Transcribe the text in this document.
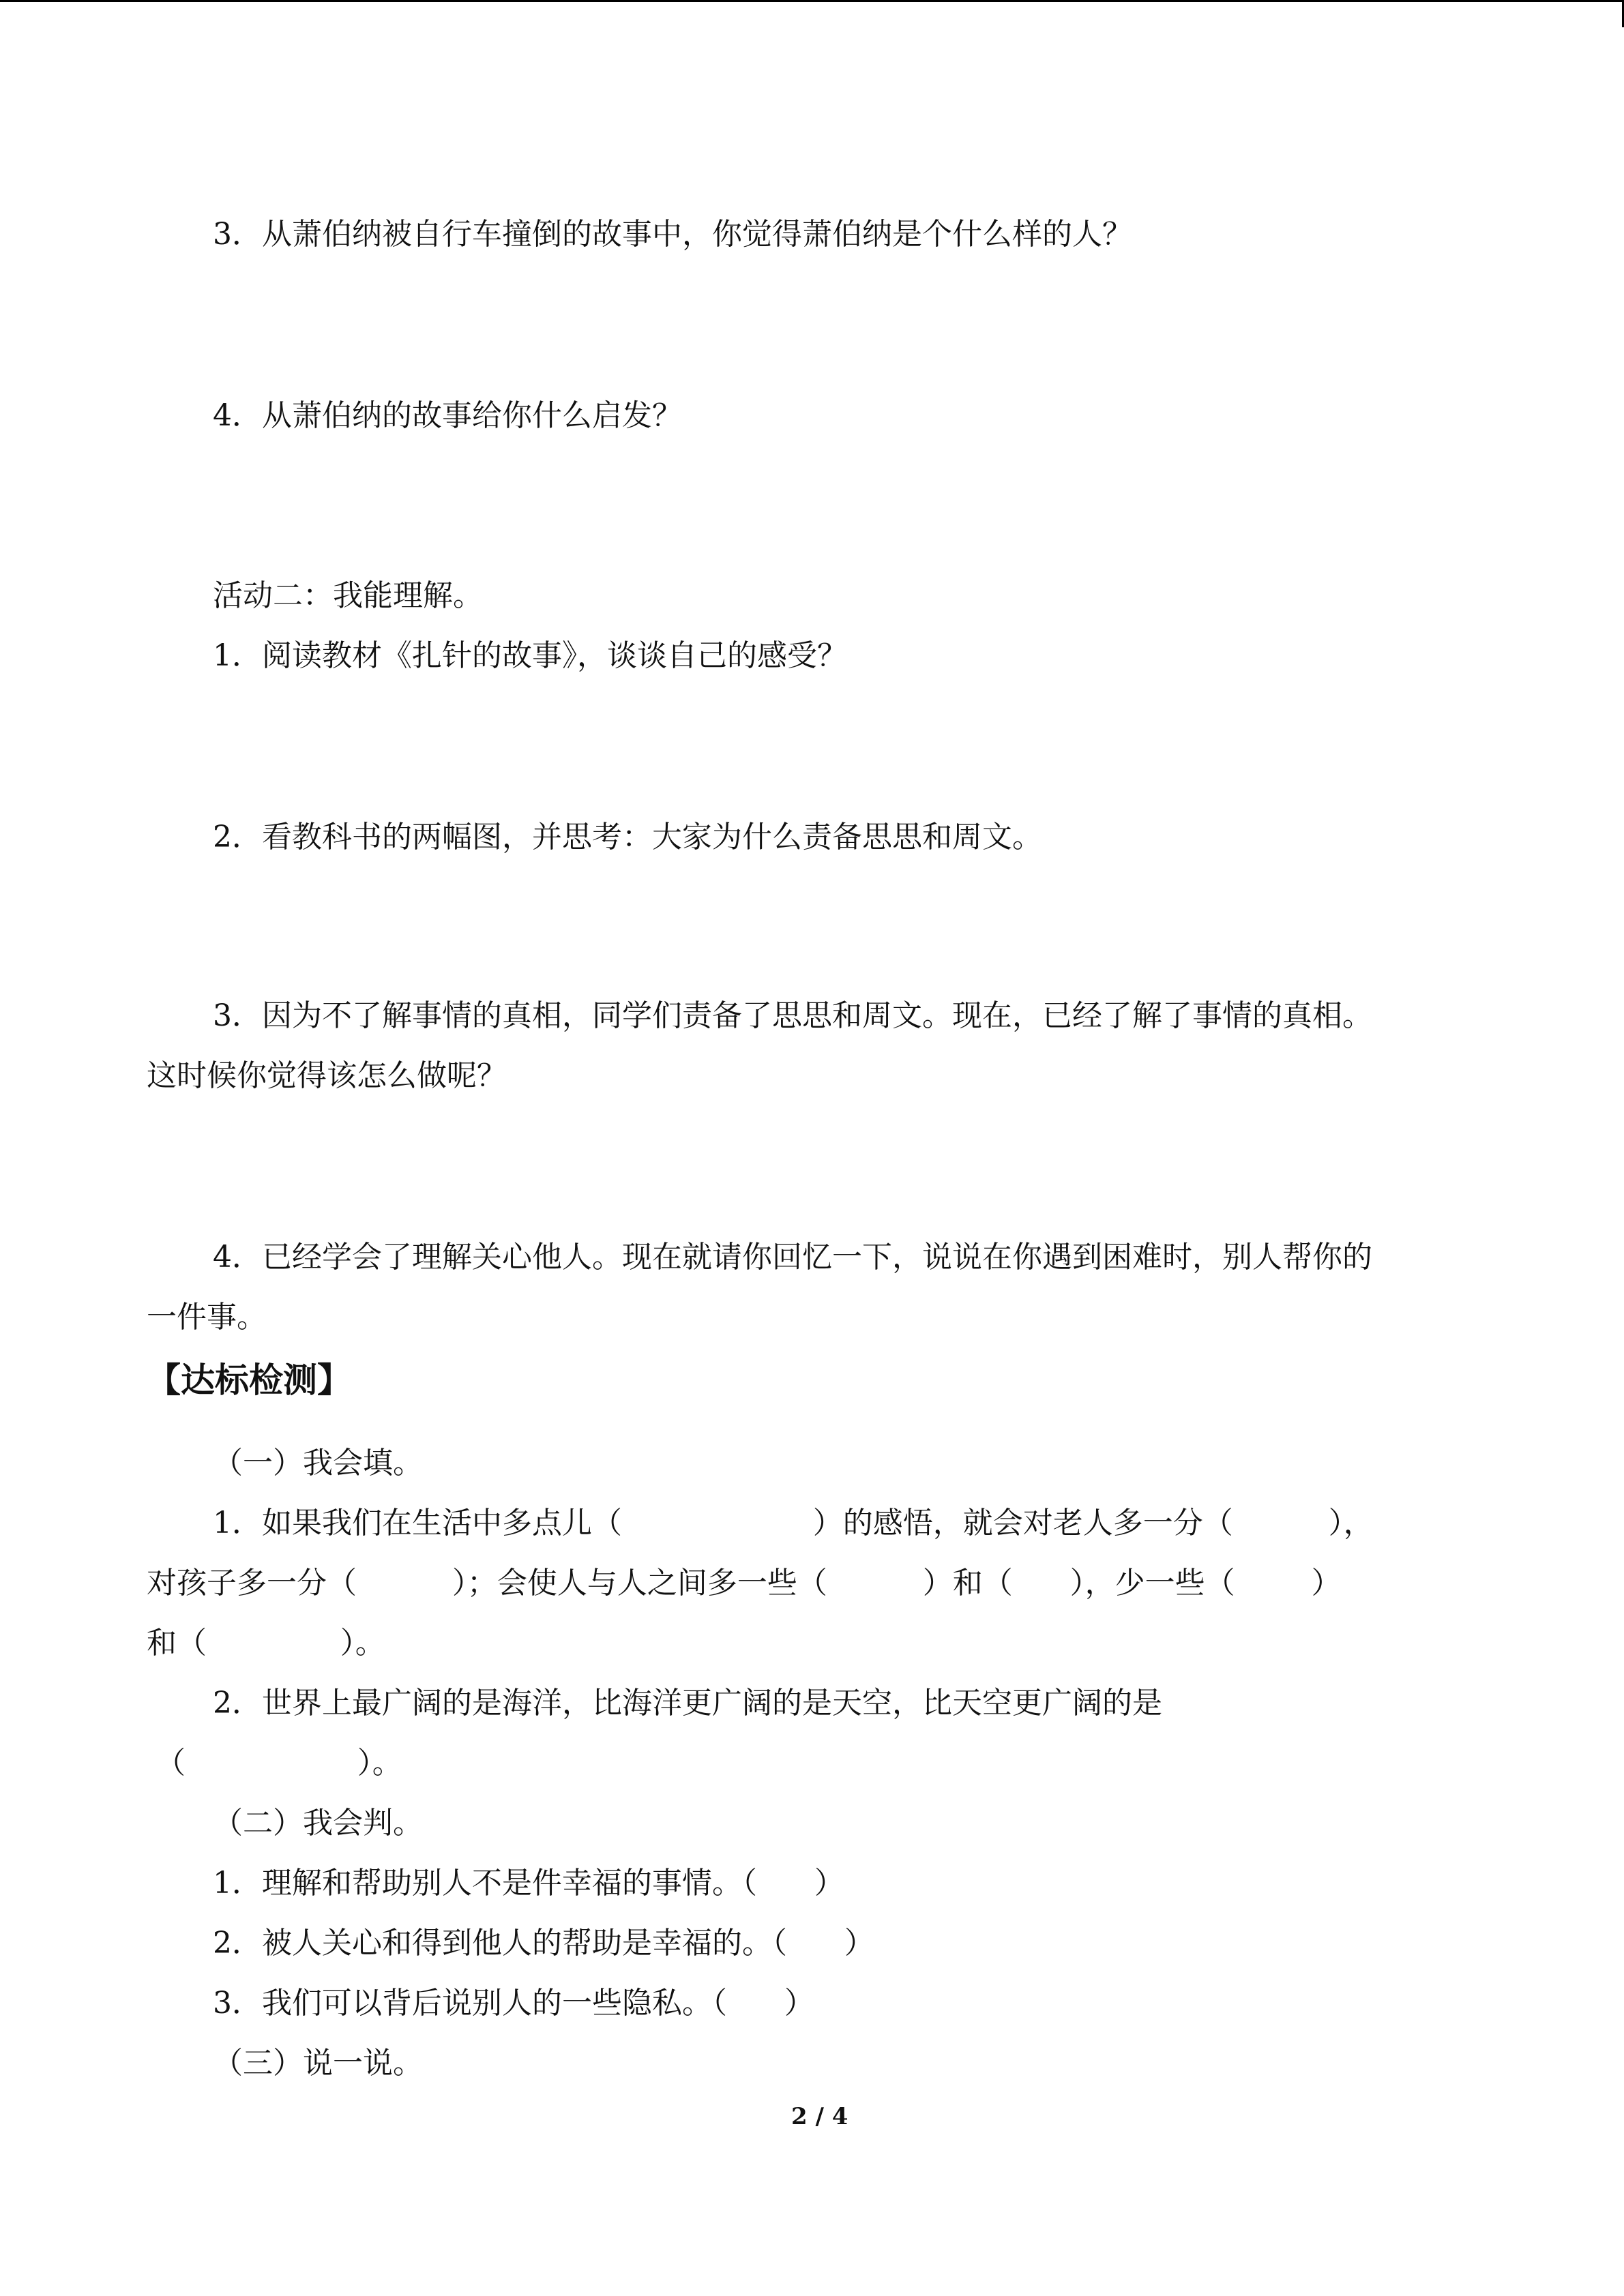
3．从萧伯纳被自行车撞倒的故事中，你觉得萧伯纳是个什么样的人？
4．从萧伯纳的故事给你什么启发？
活动二：我能理解。
1．阅读教材《扎针的故事》，谈谈自己的感受？
2．看教科书的两幅图，并思考：大家为什么责备思思和周文。
3．因为不了解事情的真相，同学们责备了思思和周文。现在，已经了解了事情的真相。
这时候你觉得该怎么做呢？
4．已经学会了理解关心他人。现在就请你回忆一下，说说在你遇到困难时，别人帮你的
一件事。
【达标检测】
（一）我会填。
1．如果我们在生活中多点儿（                    ）的感悟，就会对老人多一分（          ），
对孩子多一分（          ）；会使人与人之间多一些（          ）和（      ），少一些（        ）
和（              ）。
2．世界上最广阔的是海洋，比海洋更广阔的是天空，比天空更广阔的是
（                  ）。
（二）我会判。
1．理解和帮助别人不是件幸福的事情。（      ）
2．被人关心和得到他人的帮助是幸福的。（      ）
3．我们可以背后说别人的一些隐私。（      ）
（三）说一说。
2 / 4
